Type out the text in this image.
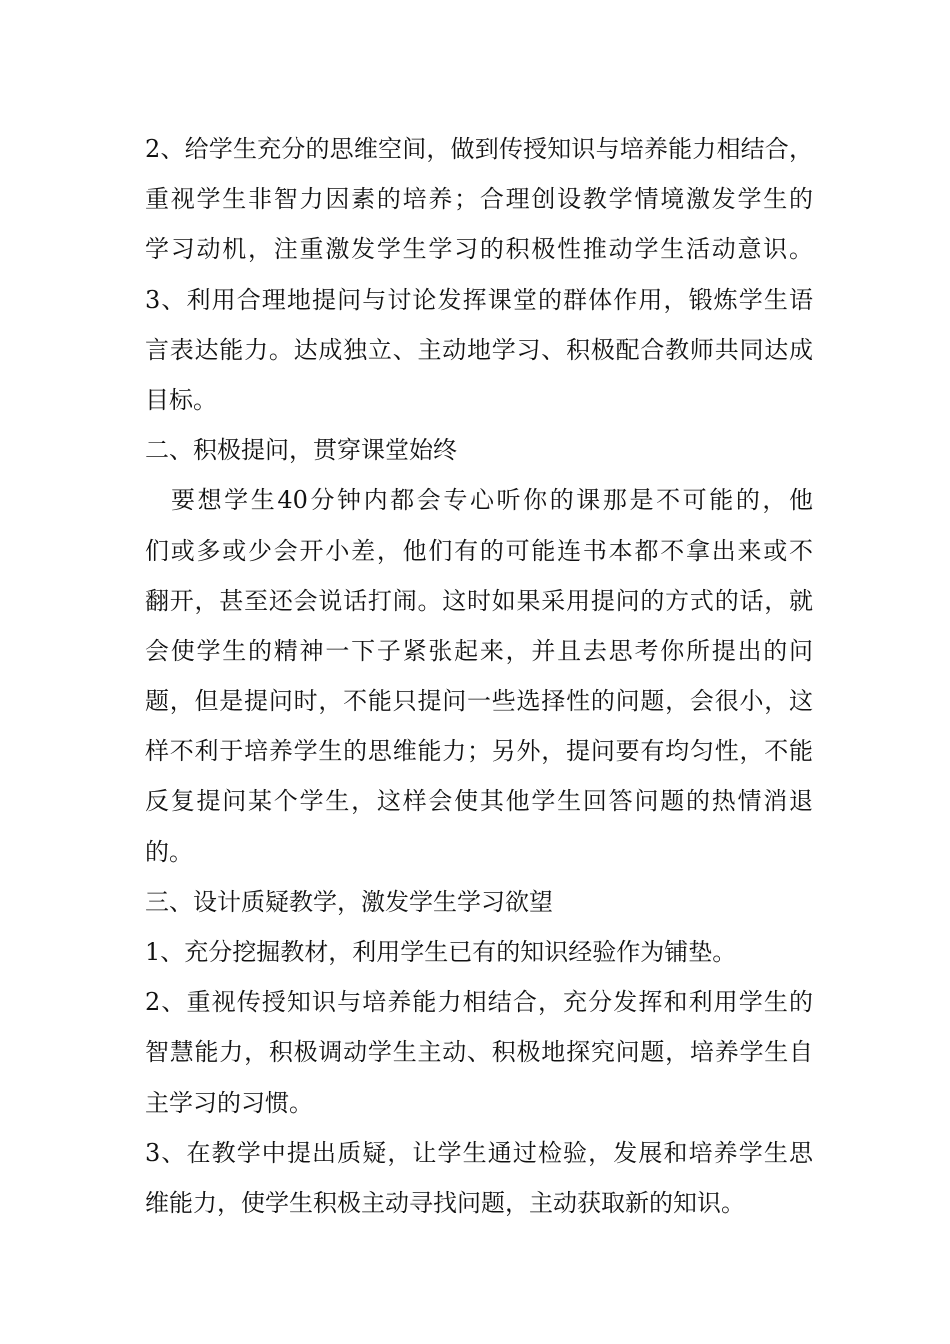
2、给学生充分的思维空间，做到传授知识与培养能力相结合，
重视学生非智力因素的培养；合理创设教学情境激发学生的
学习动机，注重激发学生学习的积极性推动学生活动意识。
3、利用合理地提问与讨论发挥课堂的群体作用，锻炼学生语
言表达能力。达成独立、主动地学习、积极配合教师共同达成
目标。
二、积极提问，贯穿课堂始终
要想学生40分钟内都会专心听你的课那是不可能的，他
们或多或少会开小差，他们有的可能连书本都不拿出来或不
翻开，甚至还会说话打闹。这时如果采用提问的方式的话，就
会使学生的精神一下子紧张起来，并且去思考你所提出的问
题，但是提问时，不能只提问一些选择性的问题，会很小，这
样不利于培养学生的思维能力；另外，提问要有均匀性，不能
反复提问某个学生，这样会使其他学生回答问题的热情消退
的。
三、设计质疑教学，激发学生学习欲望
1、充分挖掘教材，利用学生已有的知识经验作为铺垫。
2、重视传授知识与培养能力相结合，充分发挥和利用学生的
智慧能力，积极调动学生主动、积极地探究问题，培养学生自
主学习的习惯。
3、在教学中提出质疑，让学生通过检验，发展和培养学生思
维能力，使学生积极主动寻找问题，主动获取新的知识。
